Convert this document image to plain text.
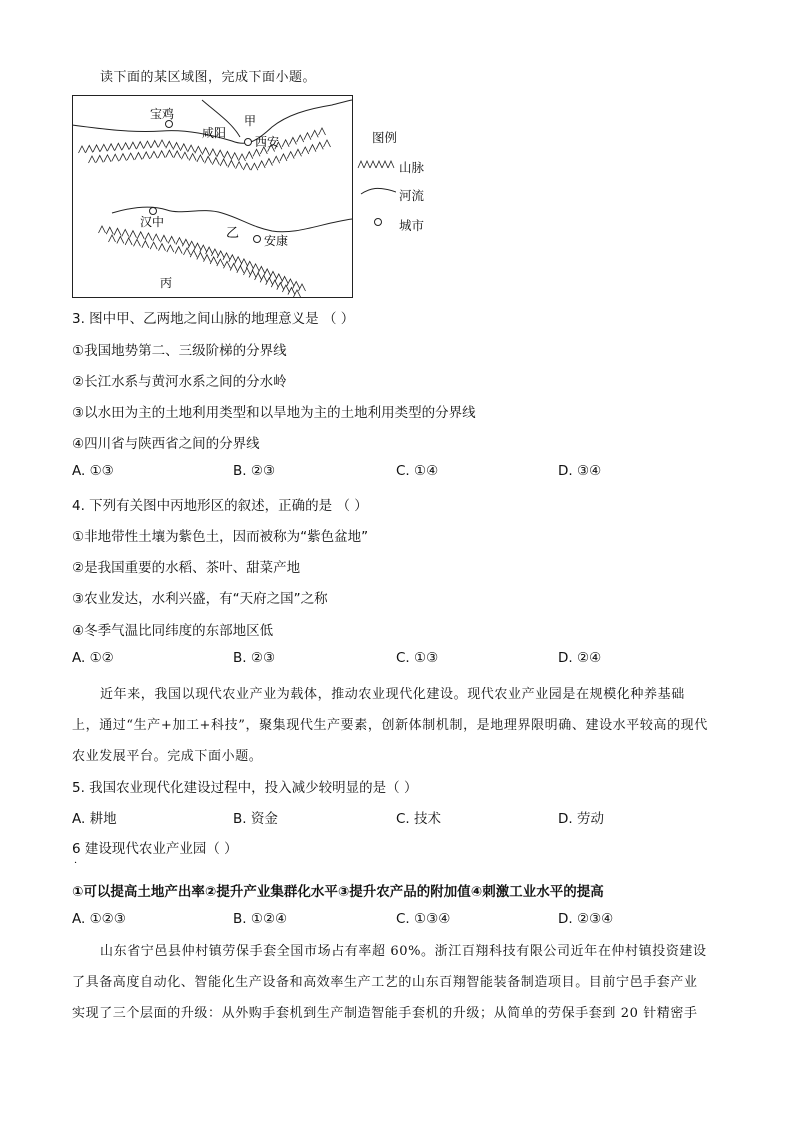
读下面的某区域图，完成下面小题。
宝鸡
咸阳
甲
西安
汉中
乙 安康
丙
图例
山脉
河流
城市
3. 图中甲、乙两地之间山脉的地理意义是 （ ）
①我国地势第二、三级阶梯的分界线
②长江水系与黄河水系之间的分水岭
③以水田为主的土地利用类型和以旱地为主的土地利用类型的分界线
④四川省与陕西省之间的分界线
A. ①③	B. ②③	C. ①④	D. ③④
4. 下列有关图中丙地形区的叙述，正确的是 （ ）
①非地带性土壤为紫色土，因而被称为“紫色盆地”
②是我国重要的水稻、茶叶、甜菜产地
③农业发达，水利兴盛，有“天府之国”之称
④冬季气温比同纬度的东部地区低
A. ①②	B. ②③	C. ①③	D. ②④
近年来，我国以现代农业产业为载体，推动农业现代化建设。现代农业产业园是在规模化种养基础
上，通过“生产+加工+科技”，聚集现代生产要素，创新体制机制，是地理界限明确、建设水平较高的现代
农业发展平台。完成下面小题。
5. 我国农业现代化建设过程中，投入减少较明显的是（ ）
A. 耕地	B. 资金	C. 技术	D. 劳动
6 建设现代农业产业园（ ）
．
①可以提高土地产出率②提升产业集群化水平③提升农产品的附加值④刺激工业水平的提高
A. ①②③	B. ①②④	C. ①③④	D. ②③④
山东省宁邑县仲村镇劳保手套全国市场占有率超 60%。浙江百翔科技有限公司近年在仲村镇投资建设
了具备高度自动化、智能化生产设备和高效率生产工艺的山东百翔智能装备制造项目。目前宁邑手套产业
实现了三个层面的升级：从外购手套机到生产制造智能手套机的升级；从简单的劳保手套到 20 针精密手
